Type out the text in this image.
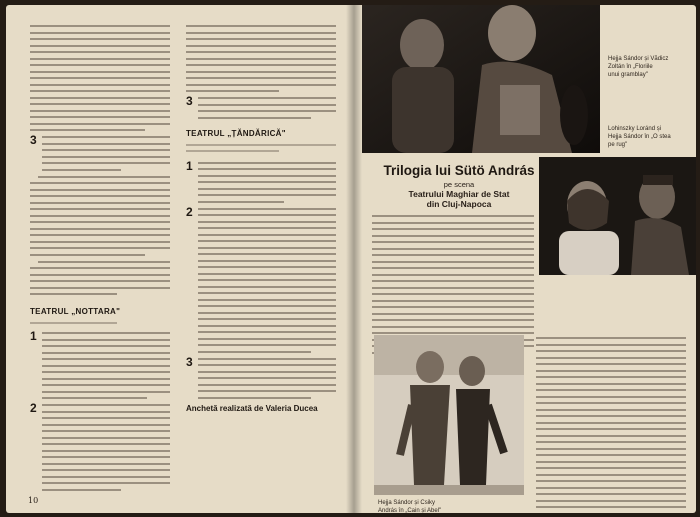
3
TEATRUL „NOTTARA"
1
2
3
TEATRUL „ȚĂNDĂRICĂ"
1
2
3
Anchetă realizată de Valeria Ducea
10
Hejja Sándor și Vădicz
Zoltán în „Floriile
unui gramblay"
Lohinszky Loránd și
Hejja Sándor în „O stea
pe rug"
Trilogia lui Sütö András
pe scena
Teatrului Maghiar de Stat
din Cluj-Napoca
Hejja Sándor și Csiky
András în „Cain și Abel"
